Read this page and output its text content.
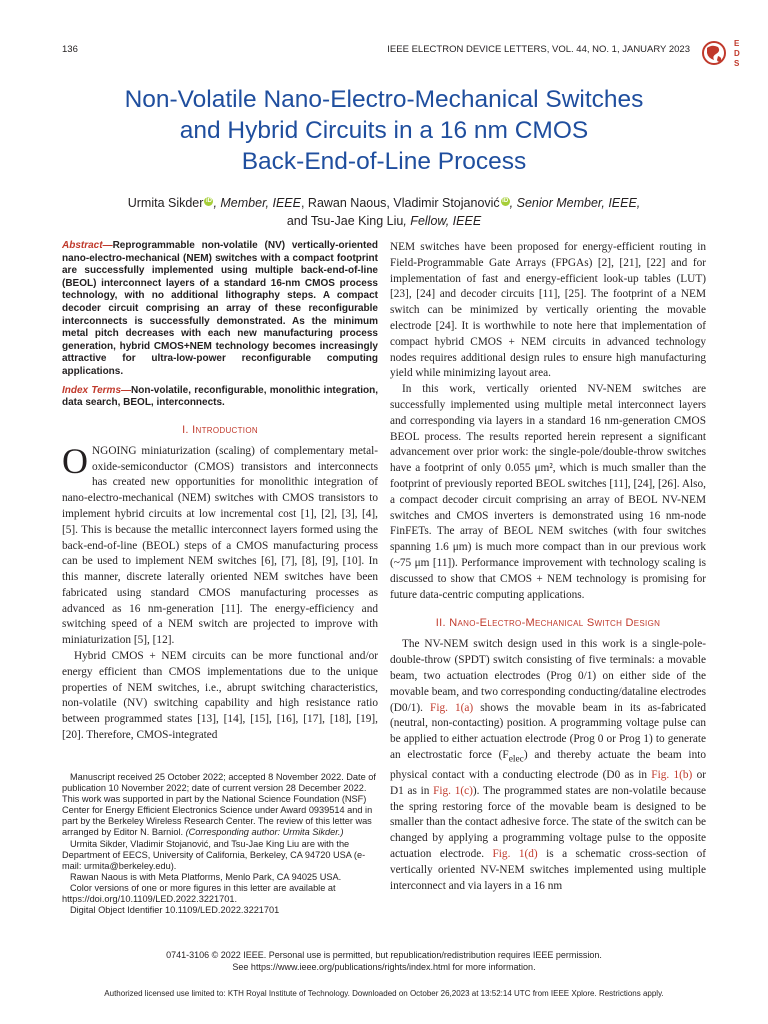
136	IEEE ELECTRON DEVICE LETTERS, VOL. 44, NO. 1, JANUARY 2023
E
D
S
Non-Volatile Nano-Electro-Mechanical Switches
and Hybrid Circuits in a 16 nm CMOS
Back-End-of-Line Process
Urmita Sikder iD , Member, IEEE, Rawan Naous, Vladimir Stojanović iD , Senior Member, IEEE,
and Tsu-Jae King Liu, Fellow, IEEE

Abstract—Reprogrammable non-volatile (NV) vertically-oriented nano-electro-mechanical (NEM) switches with a compact footprint are successfully implemented using multiple back-end-of-line (BEOL) interconnect layers of a standard 16-nm CMOS process technology, with no additional lithography steps. A compact decoder circuit comprising an array of these reconfigurable interconnects is successfully demonstrated. As the minimum metal pitch decreases with each new manufacturing process generation, hybrid CMOS+NEM technology becomes increasingly attractive for ultra-low-power reconfigurable computing applications.

Index Terms—Non-volatile, reconfigurable, monolithic integration, data search, BEOL, interconnects.

I. Introduction

ONGOING miniaturization (scaling) of complementary metal-oxide-semiconductor (CMOS) transistors and interconnects has created new opportunities for monolithic integration of nano-electro-mechanical (NEM) switches with CMOS transistors to implement hybrid circuits at low incremental cost [1], [2], [3], [4], [5]. This is because the metallic interconnect layers formed using the back-end-of-line (BEOL) steps of a CMOS manufacturing process can be used to implement NEM switches [6], [7], [8], [9], [10]. In this manner, discrete laterally oriented NEM switches have been fabricated using standard CMOS manufacturing processes as advanced as 16 nm-generation [11]. The energy-efficiency and switching speed of a NEM switch are projected to improve with miniaturization [5], [12].

Hybrid CMOS + NEM circuits can be more functional and/or energy efficient than CMOS implementations due to the unique properties of NEM switches, i.e., abrupt switching characteristics, non-volatile (NV) switching capability and high resistance ratio between programmed states [13], [14], [15], [16], [17], [18], [19], [20]. Therefore, CMOS-integrated

Manuscript received 25 October 2022; accepted 8 November 2022. Date of publication 10 November 2022; date of current version 28 December 2022. This work was supported in part by the National Science Foundation (NSF) Center for Energy Efficient Electronics Science under Award 0939514 and in part by the Berkeley Wireless Research Center. The review of this letter was arranged by Editor N. Barniol. (Corresponding author: Urmita Sikder.)

Urmita Sikder, Vladimir Stojanović, and Tsu-Jae King Liu are with the Department of EECS, University of California, Berkeley, CA 94720 USA (e-mail: urmita@berkeley.edu).

Rawan Naous is with Meta Platforms, Menlo Park, CA 94025 USA.

Color versions of one or more figures in this letter are available at https://doi.org/10.1109/LED.2022.3221701.

Digital Object Identifier 10.1109/LED.2022.3221701

NEM switches have been proposed for energy-efficient routing in Field-Programmable Gate Arrays (FPGAs) [2], [21], [22] and for implementation of fast and energy-efficient look-up tables (LUT) [23], [24] and decoder circuits [11], [25]. The footprint of a NEM switch can be minimized by vertically orienting the movable electrode [24]. It is worthwhile to note here that implementation of compact hybrid CMOS + NEM circuits in advanced technology nodes requires additional design rules to ensure high manufacturing yield while minimizing layout area.

In this work, vertically oriented NV-NEM switches are successfully implemented using multiple metal interconnect layers and corresponding via layers in a standard 16 nm-generation CMOS BEOL process. The results reported herein represent a significant advancement over prior work: the single-pole/double-throw switches have a footprint of only 0.055 μm², which is much smaller than the footprint of previously reported BEOL switches [11], [24], [26]. Also, a compact decoder circuit comprising an array of BEOL NV-NEM switches and CMOS inverters is demonstrated using 16 nm-node FinFETs. The array of BEOL NEM switches (with four switches spanning 1.6 μm) is much more compact than in our previous work (~75 μm [11]). Performance improvement with technology scaling is discussed to show that CMOS + NEM technology is promising for future data-centric computing applications.

II. Nano-Electro-Mechanical Switch Design

The NV-NEM switch design used in this work is a single-pole-double-throw (SPDT) switch consisting of five terminals: a movable beam, two actuation electrodes (Prog 0/1) on either side of the movable beam, and two corresponding conducting/dataline electrodes (D0/1). Fig. 1(a) shows the movable beam in its as-fabricated (neutral, non-contacting) position. A programming voltage pulse can be applied to either actuation electrode (Prog 0 or Prog 1) to generate an electrostatic force $(F_{elec})$ and thereby actuate the beam into physical contact with a conducting electrode (D0 as in Fig. 1(b) or D1 as in Fig. 1(c)). The programmed states are non-volatile because the spring restoring force of the movable beam is designed to be smaller than the contact adhesive force. The state of the switch can be changed by applying a programming voltage pulse to the opposite actuation electrode. Fig. 1(d) is a schematic cross-section of vertically oriented NV-NEM switches implemented using multiple interconnect and via layers in a 16 nm

0741-3106 © 2022 IEEE. Personal use is permitted, but republication/redistribution requires IEEE permission.
See https://www.ieee.org/publications/rights/index.html for more information.
Authorized licensed use limited to: KTH Royal Institute of Technology. Downloaded on October 26,2023 at 13:52:14 UTC from IEEE Xplore. Restrictions apply.
